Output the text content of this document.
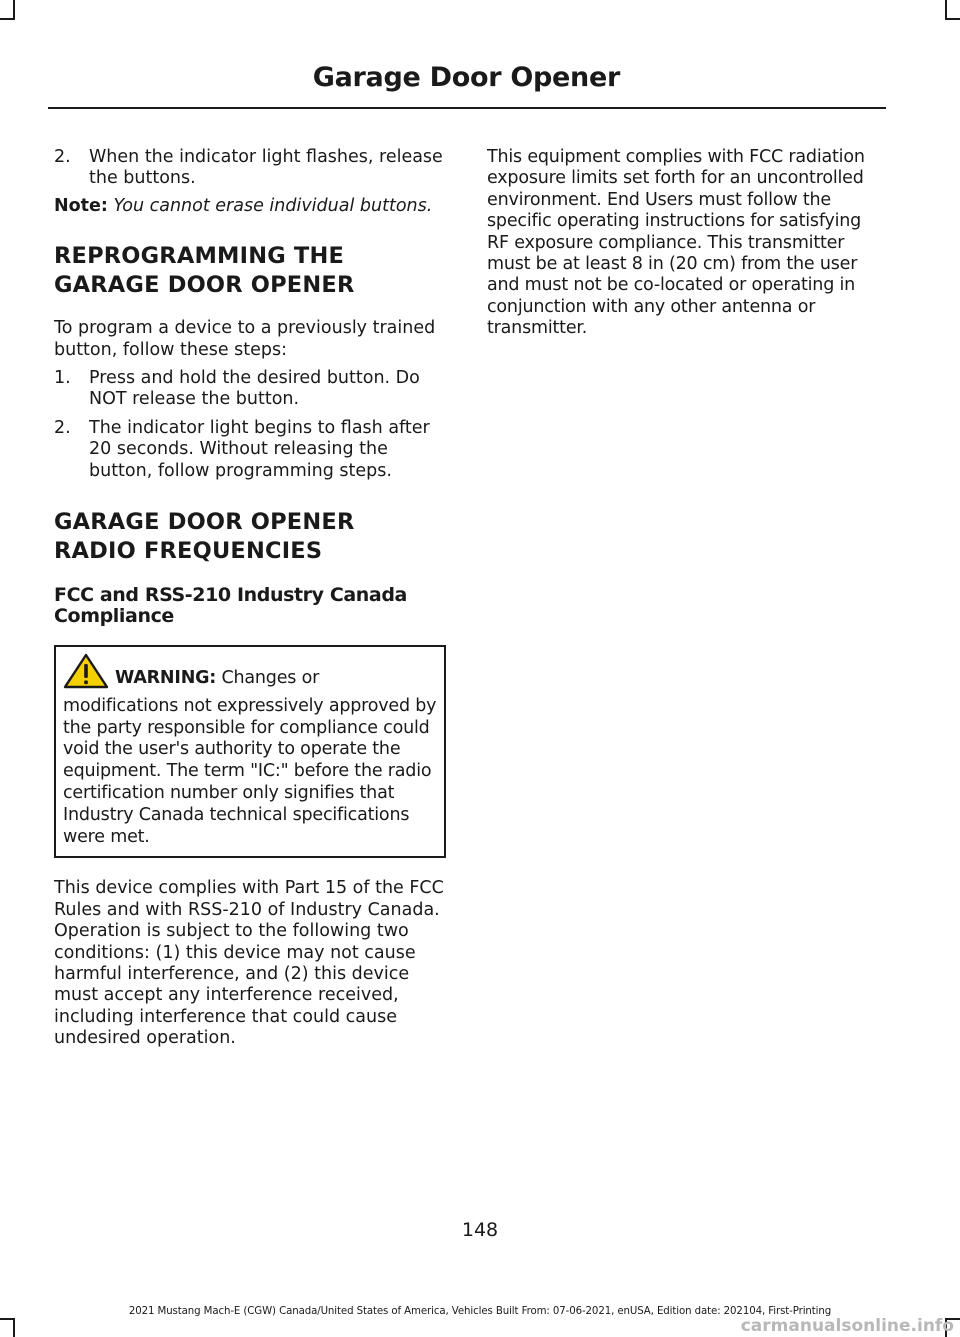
Garage Door Opener
2.	When the indicator light flashes, release the buttons.

Note: You cannot erase individual buttons.

REPROGRAMMING THE

GARAGE DOOR OPENER

To program a device to a previously trained button, follow these steps:

1.	Press and hold the desired button. Do NOT release the button.
2.	The indicator light begins to flash after 20 seconds. Without releasing the button, follow programming steps.

GARAGE DOOR OPENER

RADIO FREQUENCIES

FCC and RSS-210 Industry Canada Compliance

WARNING: Changes or modifications not expressively approved by the party responsible for compliance could void the user's authority to operate the equipment. The term "IC:" before the radio certification number only signifies that Industry Canada technical specifications were met.

This device complies with Part 15 of the FCC Rules and with RSS-210 of Industry Canada. Operation is subject to the following two conditions: (1) this device may not cause harmful interference, and (2) this device must accept any interference received, including interference that could cause undesired operation.

This equipment complies with FCC radiation exposure limits set forth for an uncontrolled environment. End Users must follow the specific operating instructions for satisfying RF exposure compliance. This transmitter must be at least 8 in (20 cm) from the user and must not be co-located or operating in conjunction with any other antenna or transmitter.

148
2021 Mustang Mach-E (CGW) Canada/United States of America, Vehicles Built From: 07-06-2021, enUSA, Edition date: 202104, First-Printing
carmanualsonline.info
